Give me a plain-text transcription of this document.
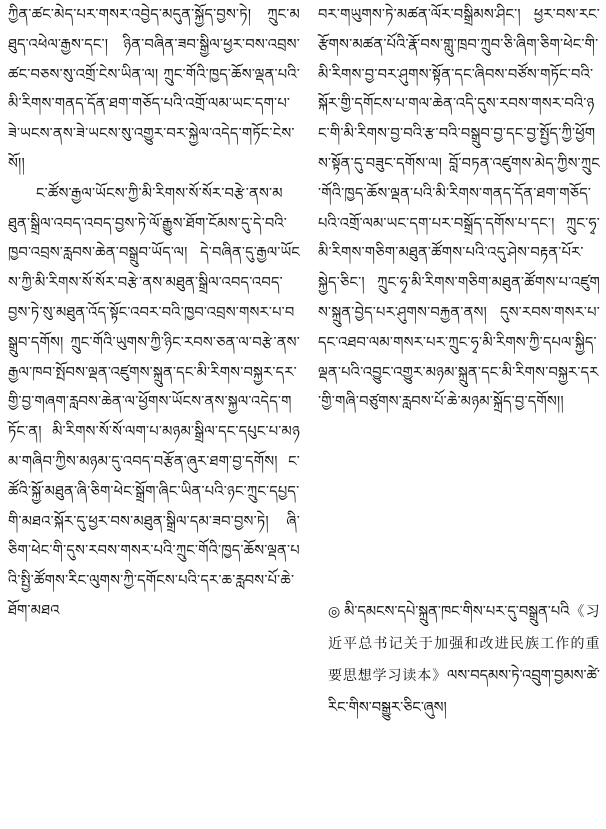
ཀྱིན་ཚང་མེད་པར་གསར་འབྱེད་མདུན་སྐྱོད་བྱས་ཏེ། ཀྲུང་མཐུད་འཕེལ་རྒྱས་དང་། ཉིན་བཞིན་ཟབ་སྒྱིལ་ཕྱར་བས་འབྲས་ཚང་བཅས་སུ་འགྲོ་ངེས་ཡིན་ལ། ཀྲུང་གོའི་ཁྱད་ཆོས་ལྡན་པའི་མི་རིགས་གནད་དོན་ཐག་གཅོད་པའི་འགྲོ་ལམ་ཡང་དག་པ་ཟེ་ཡངས་ནས་ཟེ་ཡངས་སུ་འགྱུར་བར་སྐྱེལ་འདེད་གཏོང་ངེས་སོ།།

ང་ཚོས་རྒྱལ་ཡོངས་ཀྱི་མི་རིགས་སོ་སོར་བརྩེ་ནས་མཐུན་སྒྲིལ་འབད་འབད་བྱས་ཏེ་ལོ་རྒྱུས་ཐོག་ངོམས་དུ་དེ་བའི་ཁྱབ་འབྲས་རླབས་ཆེན་བསྒྲུབ་ཡོད་ལ། དེ་བཞིན་དུ་རྒྱལ་ཡོངས་ཀྱི་མི་རིགས་སོ་སོར་བརྩེ་ནས་མཐུན་སྒྲིལ་འབད་འབད་བྱས་ཏེ་སུ་མཐུན་འོད་སྟོང་འབར་བའི་ཁྱབ་འབྲས་གསར་པ་བསྒྲུབ་དགོས། ཀྲུང་གོའི་ཡུགས་ཀྱི་ཉིང་རབས་ཅན་ལ་བརྩེ་ནས་རྒྱལ་ཁབ་སྤོབས་ལྡན་འཛུགས་སྐྲུན་དང་མི་རིགས་བསྐྱར་དར་གྱི་བྱ་གཞག་རླབས་ཆེན་ལ་ཕྱོགས་ཡོངས་ནས་སྐྱལ་འདེད་གཏོང་ན། མི་རིགས་སོ་སོ་ལག་པ་མཉམ་སྒྲིལ་དང་དཔུང་པ་མཉམ་གཞིབ་ཀྱིས་མཉམ་དུ་འབད་བརྩོན་ཞུར་ཐག་བྱ་དགོས། ང་ཚོའི་སྐྱོ་མཐུན་ཞི་ཅིག་ཕེང་སྒྲོག་ཞིང་ཡིན་པའི་ཉང་ཀྲུང་དཔྱད་གི་མཐའ་སྐོར་དུ་ཕྱར་བས་མཐུན་སྒྲིལ་དམ་ཟབ་བྱས་ཏེ། ཞི་ཅིག་ཕེང་གི་དུས་རབས་གསར་པའི་ཀྲུང་གོའི་ཁྱད་ཆོས་ལྡན་པའི་སྤྱི་ཚོགས་རིང་ལུགས་ཀྱི་དགོངས་པའི་དར་ཆ་རླབས་པོ་ཆེ་ཐོག་མཐའ

བར་གཡུགས་ཏེ་མཚན་ལོར་བསྒྲིམས་ཤིང་། ཕྱར་བས་རང་རྩོགས་མཚན་པོའི་རྣོ་བས་གླུ་ཁྲབ་ཀྲུབ་ཅི་ཞིག་ཅིག་ཕེང་གི་མི་རིགས་བྱ་བར་ཤུགས་སྟོན་དང་ཞིབས་བཙོས་གཏོང་བའི་སྐོར་གྱི་དགོངས་པ་གལ་ཆེན་འདི་དུས་རབས་གསར་བའི་ཉང་གི་མི་རིགས་བྱ་བའི་རྩ་བའི་བསྒྲུབ་བྱ་དང་བྱ་སྤྱོད་ཀྱི་ཕྱོགས་སྟོན་དུ་བཟུང་དགོས་ལ། བློ་བཏན་འཛུགས་མེད་ཀྱིས་ཀྲུང་གོའི་ཁྱད་ཆོས་ལྡན་པའི་མི་རིགས་གནད་དོན་ཐག་གཅོད་པའི་འགྲོ་ལམ་ཡང་དག་པར་བསྒྲོད་དགོས་པ་དང་། ཀྲུང་ཧྭ་མི་རིགས་གཅིག་མཐུན་ཚོགས་པའི་འདུ་ཤེས་བརྟན་པོར་སྐྱེད་ཅིང་། ཀྲུང་ཧྭ་མི་རིགས་གཅིག་མཐུན་ཚོགས་པ་འཛུགས་སྐྲུན་བྱེད་པར་ཤུགས་བརྐྱན་ནས། དུས་རབས་གསར་པ་དང་འཐབ་ལམ་གསར་པར་ཀྲུང་ཧྭ་མི་རིགས་ཀྱི་དཔལ་སྐྱིད་ལྡན་པའི་འབྱུང་འགྱུར་མཉམ་སྐྲུན་དང་མི་རིགས་བསྐྱར་དར་གྱི་གཞི་བཙུགས་རླབས་པོ་ཆེ་མཉམ་སྐྲོད་བྱ་དགོས།།

◎ མི་དམངས་དཔེ་སྐྲུན་ཁང་གིས་པར་དུ་བསྒྲུན་པའི《习近平总书记关于加强和改进民族工作的重要思想学习读本》ལས་བདམས་ཏེ་འབྲུག་བྱམས་ཚེ་རིང་གིས་བསྒྱུར་ཅིང་ཞུས།
